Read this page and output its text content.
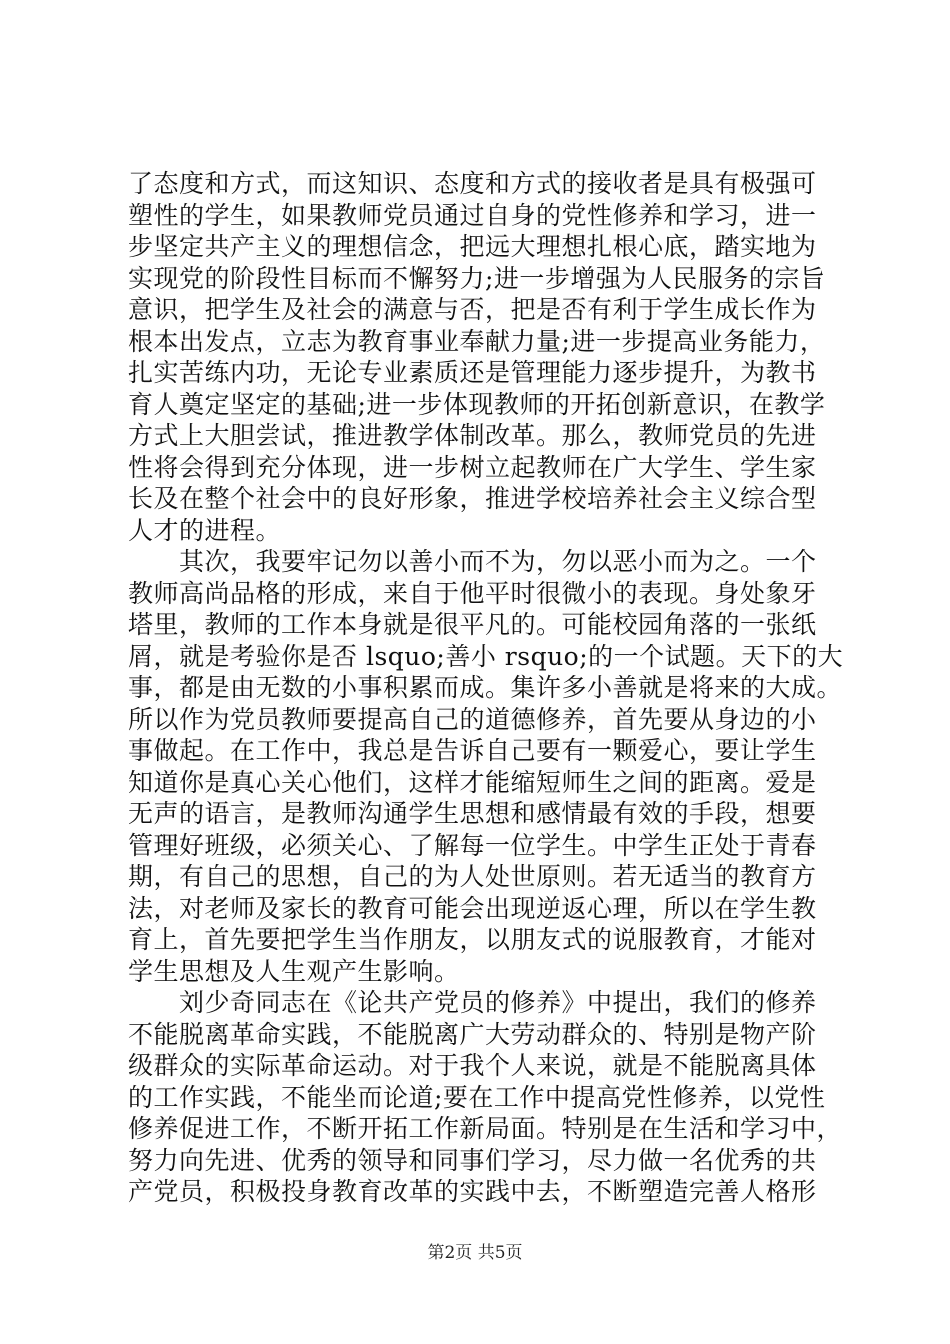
了态度和方式，而这知识、态度和方式的接收者是具有极强可
塑性的学生，如果教师党员通过自身的党性修养和学习，进一
步坚定共产主义的理想信念，把远大理想扎根心底，踏实地为
实现党的阶段性目标而不懈努力;进一步增强为人民服务的宗旨
意识，把学生及社会的满意与否，把是否有利于学生成长作为
根本出发点，立志为教育事业奉献力量;进一步提高业务能力，
扎实苦练内功，无论专业素质还是管理能力逐步提升，为教书
育人奠定坚定的基础;进一步体现教师的开拓创新意识，在教学
方式上大胆尝试，推进教学体制改革。那么，教师党员的先进
性将会得到充分体现，进一步树立起教师在广大学生、学生家
长及在整个社会中的良好形象，推进学校培养社会主义综合型
人才的进程。
　　其次，我要牢记勿以善小而不为，勿以恶小而为之。一个
教师高尚品格的形成，来自于他平时很微小的表现。身处象牙
塔里，教师的工作本身就是很平凡的。可能校园角落的一张纸
屑，就是考验你是否 lsquo;善小 rsquo;的一个试题。天下的大
事，都是由无数的小事积累而成。集许多小善就是将来的大成。
所以作为党员教师要提高自己的道德修养，首先要从身边的小
事做起。在工作中，我总是告诉自己要有一颗爱心，要让学生
知道你是真心关心他们，这样才能缩短师生之间的距离。爱是
无声的语言，是教师沟通学生思想和感情最有效的手段，想要
管理好班级，必须关心、了解每一位学生。中学生正处于青春
期，有自己的思想，自己的为人处世原则。若无适当的教育方
法，对老师及家长的教育可能会出现逆返心理，所以在学生教
育上，首先要把学生当作朋友，以朋友式的说服教育，才能对
学生思想及人生观产生影响。
　　刘少奇同志在《论共产党员的修养》中提出，我们的修养
不能脱离革命实践，不能脱离广大劳动群众的、特别是物产阶
级群众的实际革命运动。对于我个人来说，就是不能脱离具体
的工作实践，不能坐而论道;要在工作中提高党性修养，以党性
修养促进工作，不断开拓工作新局面。特别是在生活和学习中，
努力向先进、优秀的领导和同事们学习，尽力做一名优秀的共
产党员，积极投身教育改革的实践中去，不断塑造完善人格形
第2页 共5页
